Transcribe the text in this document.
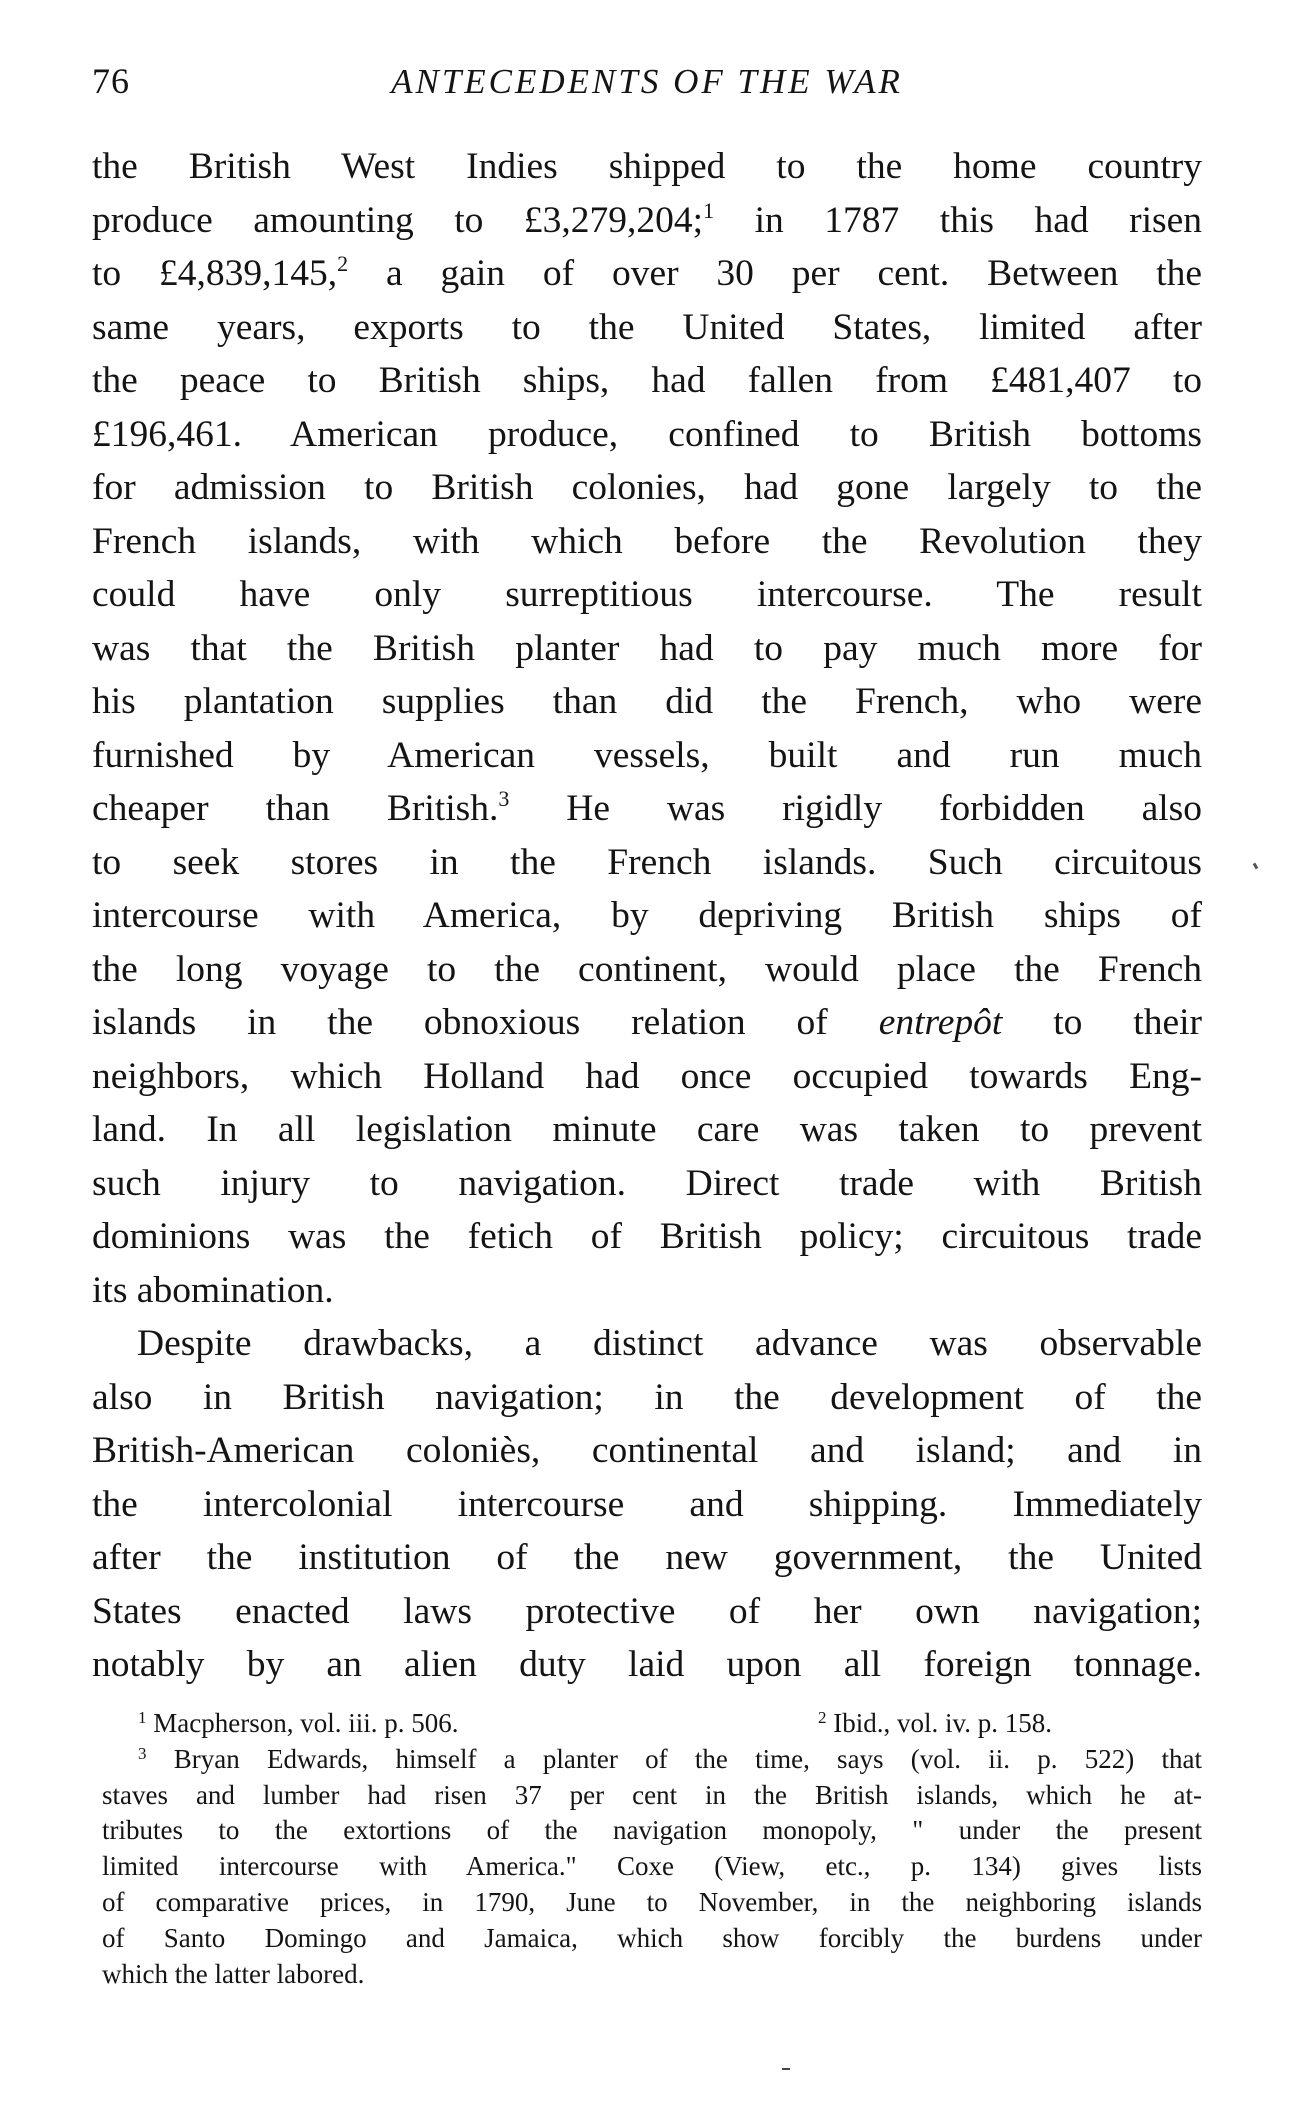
76	ANTECEDENTS OF THE WAR
the British West Indies shipped to the home country
produce amounting to £3,279,204;$^1$ in 1787 this had risen
to £4,839,145,$^2$ a gain of over 30 per cent. Between the
same years, exports to the United States, limited after
the peace to British ships, had fallen from £481,407 to
£196,461. American produce, confined to British bottoms
for admission to British colonies, had gone largely to the
French islands, with which before the Revolution they
could have only surreptitious intercourse. The result
was that the British planter had to pay much more for
his plantation supplies than did the French, who were
furnished by American vessels, built and run much
cheaper than British.$^3$ He was rigidly forbidden also
to seek stores in the French islands. Such circuitous
intercourse with America, by depriving British ships of
the long voyage to the continent, would place the French
islands in the obnoxious relation of entrepôt to their
neighbors, which Holland had once occupied towards Eng-
land. In all legislation minute care was taken to prevent
such injury to navigation. Direct trade with British
dominions was the fetich of British policy; circuitous trade
its abomination.
Despite drawbacks, a distinct advance was observable
also in British navigation; in the development of the
British-American coloniès, continental and island; and in
the intercolonial intercourse and shipping. Immediately
after the institution of the new government, the United
States enacted laws protective of her own navigation;
notably by an alien duty laid upon all foreign tonnage.
$^1$ Macpherson, vol. iii. p. 506.	$^2$ Ibid., vol. iv. p. 158.
$^3$ Bryan Edwards, himself a planter of the time, says (vol. ii. p. 522) that
staves and lumber had risen 37 per cent in the British islands, which he at-
tributes to the extortions of the navigation monopoly, " under the present
limited intercourse with America." Coxe (View, etc., p. 134) gives lists
of comparative prices, in 1790, June to November, in the neighboring islands
of Santo Domingo and Jamaica, which show forcibly the burdens under
which the latter labored.
